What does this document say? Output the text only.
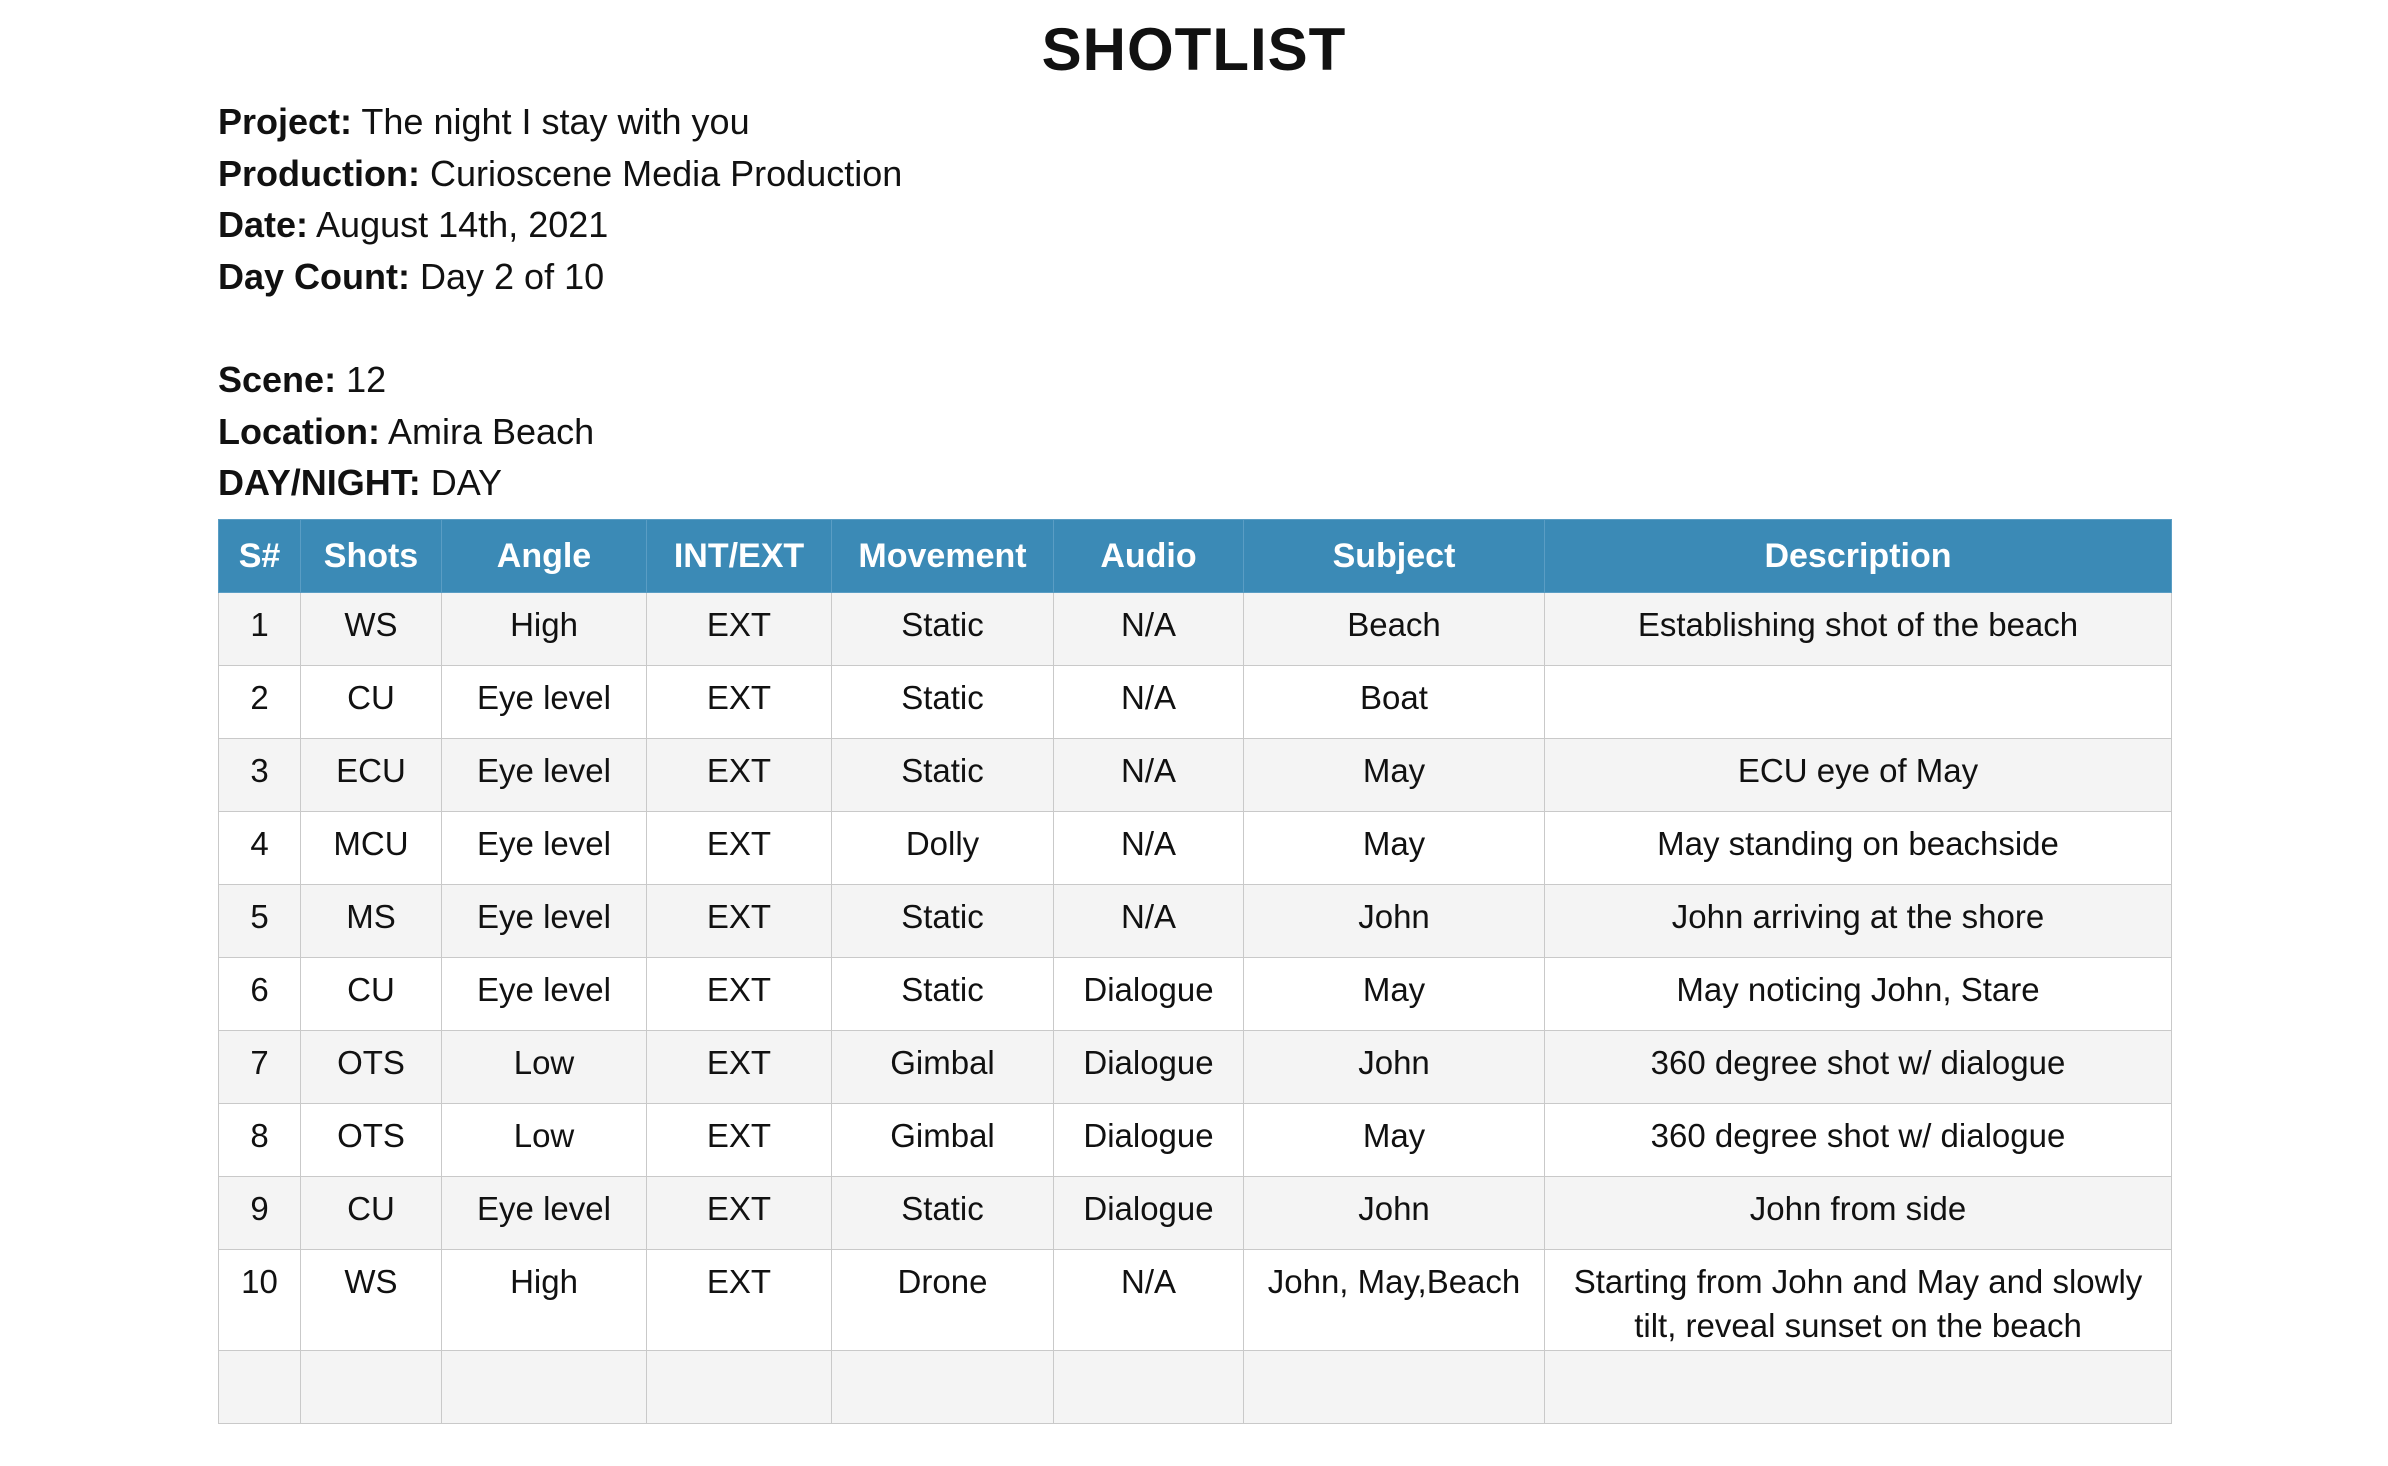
SHOTLIST
Project: The night I stay with you
Production: Curioscene Media Production
Date: August 14th, 2021
Day Count: Day 2 of 10
Scene: 12
Location: Amira Beach
DAY/NIGHT: DAY
S#	Shots	Angle	INT/EXT	Movement	Audio	Subject	Description
1	WS	High	EXT	Static	N/A	Beach	Establishing shot of the beach
2	CU	Eye level	EXT	Static	N/A	Boat	
3	ECU	Eye level	EXT	Static	N/A	May	ECU eye of May
4	MCU	Eye level	EXT	Dolly	N/A	May	May standing on beachside
5	MS	Eye level	EXT	Static	N/A	John	John arriving at the shore
6	CU	Eye level	EXT	Static	Dialogue	May	May noticing John, Stare
7	OTS	Low	EXT	Gimbal	Dialogue	John	360 degree shot w/ dialogue
8	OTS	Low	EXT	Gimbal	Dialogue	May	360 degree shot w/ dialogue
9	CU	Eye level	EXT	Static	Dialogue	John	John from side
10	WS	High	EXT	Drone	N/A	John, May,Beach	Starting from John and May and slowly tilt, reveal sunset on the beach
